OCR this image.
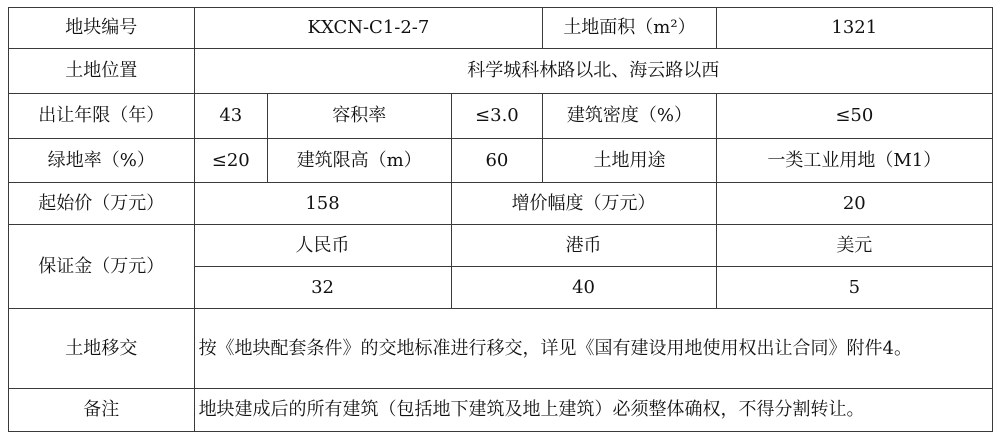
地块编号	KXCN-C1-2-7			土地面积（m²）	1321
土地位置	科学城科林路以北、海云路以西				
出让年限（年）	43	容积率	≤3.0	建筑密度（%）	≤50
绿地率（%）	≤20	建筑限高（m）	60	土地用途	一类工业用地（M1）
起始价（万元）	158		增价幅度（万元）		20
保证金（万元）	人民币		港币		美元
	32		40		5
土地移交	按《地块配套条件》的交地标准进行移交，详见《国有建设用地使用权出让合同》附件4。				
备注	地块建成后的所有建筑（包括地下建筑及地上建筑）必须整体确权，不得分割转让。				
